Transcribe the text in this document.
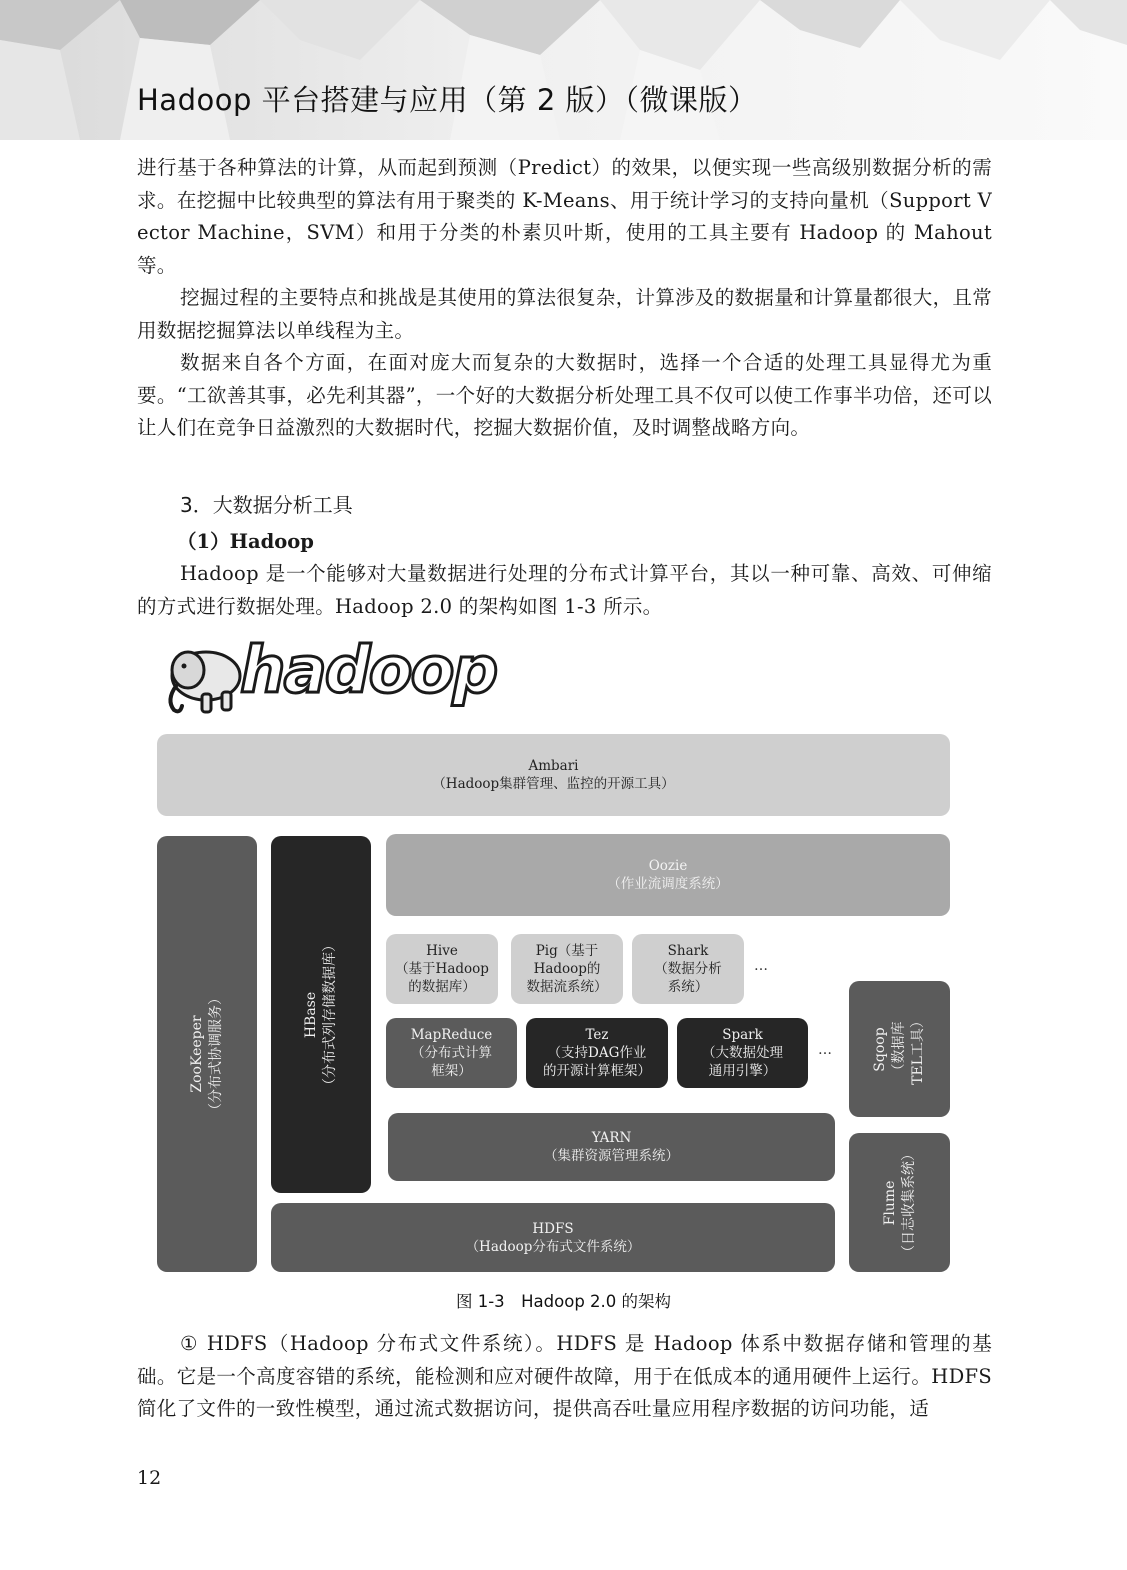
Hadoop 平台搭建与应用（第 2 版）（微课版）

进行基于各种算法的计算，从而起到预测（Predict）的效果，以便实现一些高级别数据分析的需求。在挖掘中比较典型的算法有用于聚类的 K-Means、用于统计学习的支持向量机（Support Vector Machine，SVM）和用于分类的朴素贝叶斯，使用的工具主要有 Hadoop 的 Mahout 等。

挖掘过程的主要特点和挑战是其使用的算法很复杂，计算涉及的数据量和计算量都很大，且常用数据挖掘算法以单线程为主。

数据来自各个方面，在面对庞大而复杂的大数据时，选择一个合适的处理工具显得尤为重要。“工欲善其事，必先利其器”，一个好的大数据分析处理工具不仅可以使工作事半功倍，还可以让人们在竞争日益激烈的大数据时代，挖掘大数据价值，及时调整战略方向。

3．大数据分析工具
（1）Hadoop

Hadoop 是一个能够对大量数据进行处理的分布式计算平台，其以一种可靠、高效、可伸缩的方式进行数据处理。Hadoop 2.0 的架构如图 1-3 所示。

hadoop
Ambari
（Hadoop集群管理、监控的开源工具）
ZooKeeper （分布式协调服务）	HBase （分布式列存储数据库）
Oozie
（作业流调度系统）
Hive
（基于Hadoop
的数据库）
Pig（基于
Hadoop的
数据流系统）
Shark
（数据分析
系统）
…
MapReduce
（分布式计算
框架）
Tez
（支持DAG作业
的开源计算框架）
Spark
（大数据处理
通用引擎）
…
YARN
（集群资源管理系统）
HDFS
（Hadoop分布式文件系统）
Sqoop （数据库 TEL工具）
Flume （日志收集系统）

图 1-3　Hadoop 2.0 的架构

① HDFS（Hadoop 分布式文件系统）。HDFS 是 Hadoop 体系中数据存储和管理的基础。它是一个高度容错的系统，能检测和应对硬件故障，用于在低成本的通用硬件上运行。HDFS 简化了文件的一致性模型，通过流式数据访问，提供高吞吐量应用程序数据的访问功能，适

12
